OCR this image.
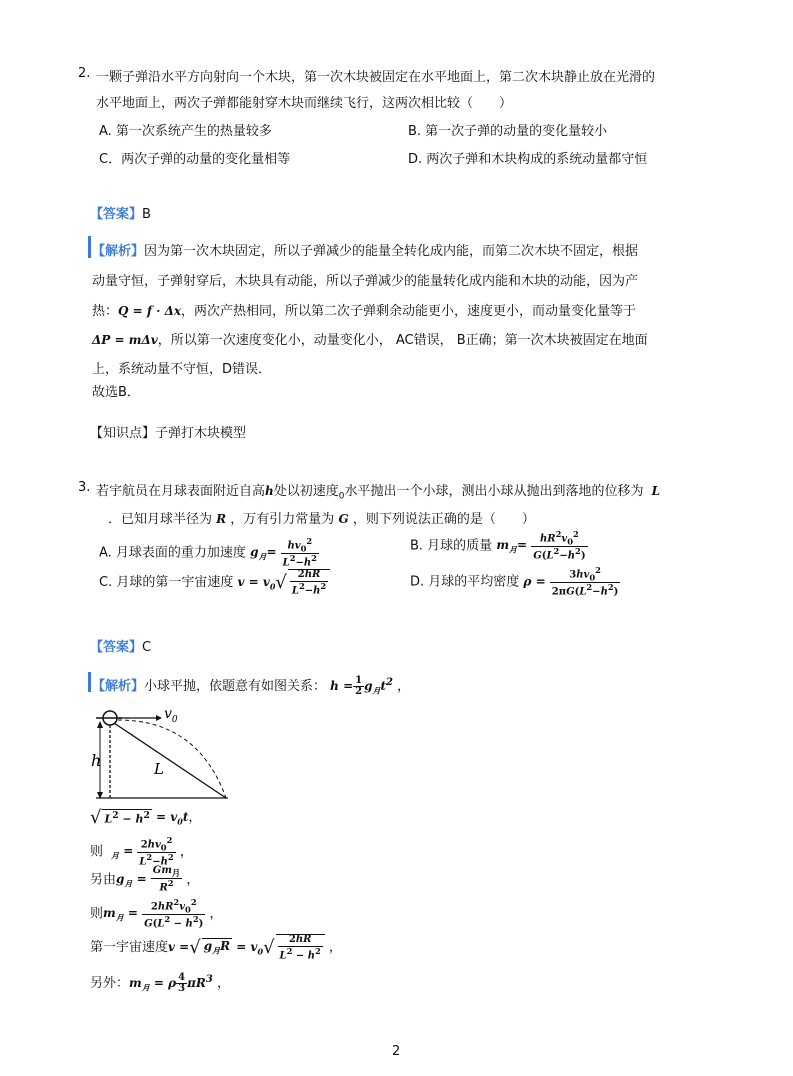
2. 一颗子弹沿水平方向射向一个木块，第一次木块被固定在水平地面上，第二次木块静止放在光滑的
水平地面上，两次子弹都能射穿木块而继续飞行，这两次相比较（　　）
A. 第一次系统产生的热量较多	B. 第一次子弹的动量的变化量较小
C．两次子弹的动量的变化量相等	D. 两次子弹和木块构成的系统动量都守恒
【答案】B
【解析】因为第一次木块固定，所以子弹减少的能量全转化成内能，而第二次木块不固定，根据
动量守恒，子弹射穿后，木块具有动能，所以子弹减少的能量转化成内能和木块的动能，因为产
热：Q = f · Δx，两次产热相同，所以第二次子弹剩余动能更小，速度更小，而动量变化量等于
ΔP = mΔv，所以第一次速度变化小，动量变化小， AC错误， B正确；第一次木块被固定在地面
上，系统动量不守恒，D错误．
故选B．
【知识点】子弹打木块模型
3. 若宇航员在月球表面附近自高h处以初速度$_0$水平抛出一个小球，测出小球从抛出到落地的位移为 L
．已知月球半径为 R ，万有引力常量为 G ，则下列说法正确的是（　　）
A. 月球表面的重力加速度 $g_月= \frac{hv_0^2}{L^2-h^2}$	B. 月球的质量 $m_月= \frac{hR^2v_0^2}{G(L^2-h^2)}$
C. 月球的第一宇宙速度 $v = v_0√ \frac{2hR}{L^2-h^2}$	D. 月球的平均密度 $\rho = \frac{3hv_0^2}{2\pi G(L^2-h^2)}$
【答案】C
【解析】小球平抛，依题意有如图关系： $h = \frac{1}{2} g_月t^2$ ，
$v_0$
h	L
√ $L^2 - h^2 = v_0t$，
则 $_月 = \frac{2hv_0^2}{L^2-h^2}$ ，
另由$g_月 = \frac{Gm_月}{R^2}$ ，
则$m_月 = \frac{2hR^2v_0^2}{G(L^2 - h^2)}$ ，
第一宇宙速度v =√ $g_月R = v_0√ \frac{2hR}{L^2 - h^2}$ ，
另外：$m_月 = \rho \frac{4}{3} \pi R^3$ ，
2
